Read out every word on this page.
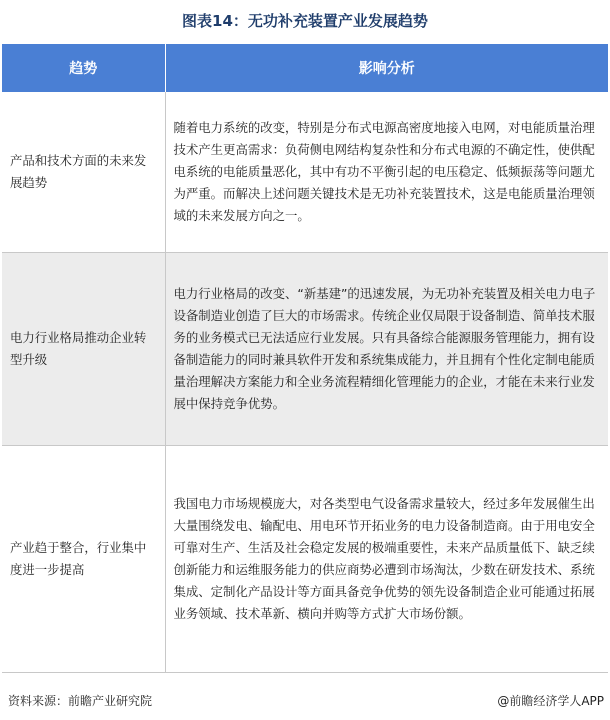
图表14：无功补充装置产业发展趋势
趋势	影响分析
产品和技术方面的未来发展趋势	随着电力系统的改变，特别是分布式电源高密度地接入电网，对电能质量治理技术产生更高需求：负荷侧电网结构复杂性和分布式电源的不确定性，使供配电系统的电能质量恶化，其中有功不平衡引起的电压稳定、低频振荡等问题尤为严重。而解决上述问题关键技术是无功补充装置技术，这是电能质量治理领域的未来发展方向之一。
电力行业格局推动企业转型升级	电力行业格局的改变、“新基建”的迅速发展，为无功补充装置及相关电力电子设备制造业创造了巨大的市场需求。传统企业仅局限于设备制造、简单技术服务的业务模式已无法适应行业发展。只有具备综合能源服务管理能力，拥有设备制造能力的同时兼具软件开发和系统集成能力，并且拥有个性化定制电能质量治理解决方案能力和全业务流程精细化管理能力的企业，才能在未来行业发展中保持竞争优势。
产业趋于整合，行业集中度进一步提高	我国电力市场规模庞大，对各类型电气设备需求量较大，经过多年发展催生出大量围绕发电、输配电、用电环节开拓业务的电力设备制造商。由于用电安全可靠对生产、生活及社会稳定发展的极端重要性，未来产品质量低下、缺乏续创新能力和运维服务能力的供应商势必遭到市场淘汰，少数在研发技术、系统集成、定制化产品设计等方面具备竞争优势的领先设备制造企业可能通过拓展业务领域、技术革新、横向并购等方式扩大市场份额。
资料来源：前瞻产业研究院	@前瞻经济学人APP
